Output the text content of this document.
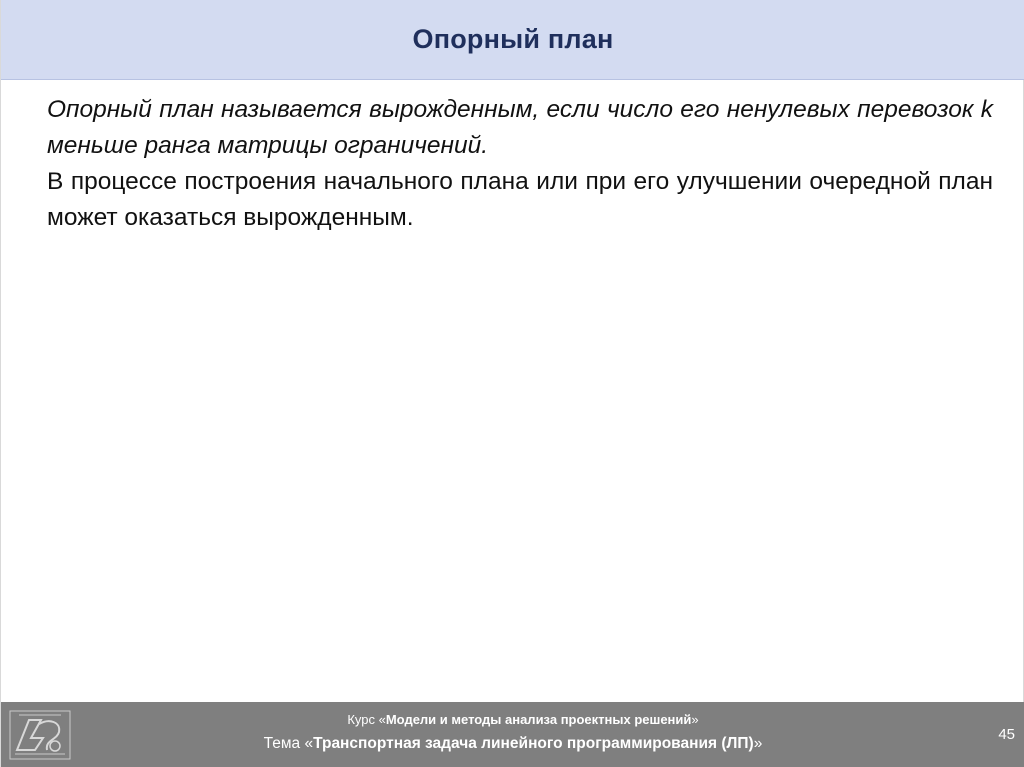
Опорный план

Опорный план называется вырожденным, если число его ненулевых перевозок k меньше ранга матрицы ограничений.

В процессе построения начального плана или при его улучшении очередной план может оказаться вырожденным.

Курс «Модели и методы анализа проектных решений»
Тема «Транспортная задача линейного программирования (ЛП)»
45
